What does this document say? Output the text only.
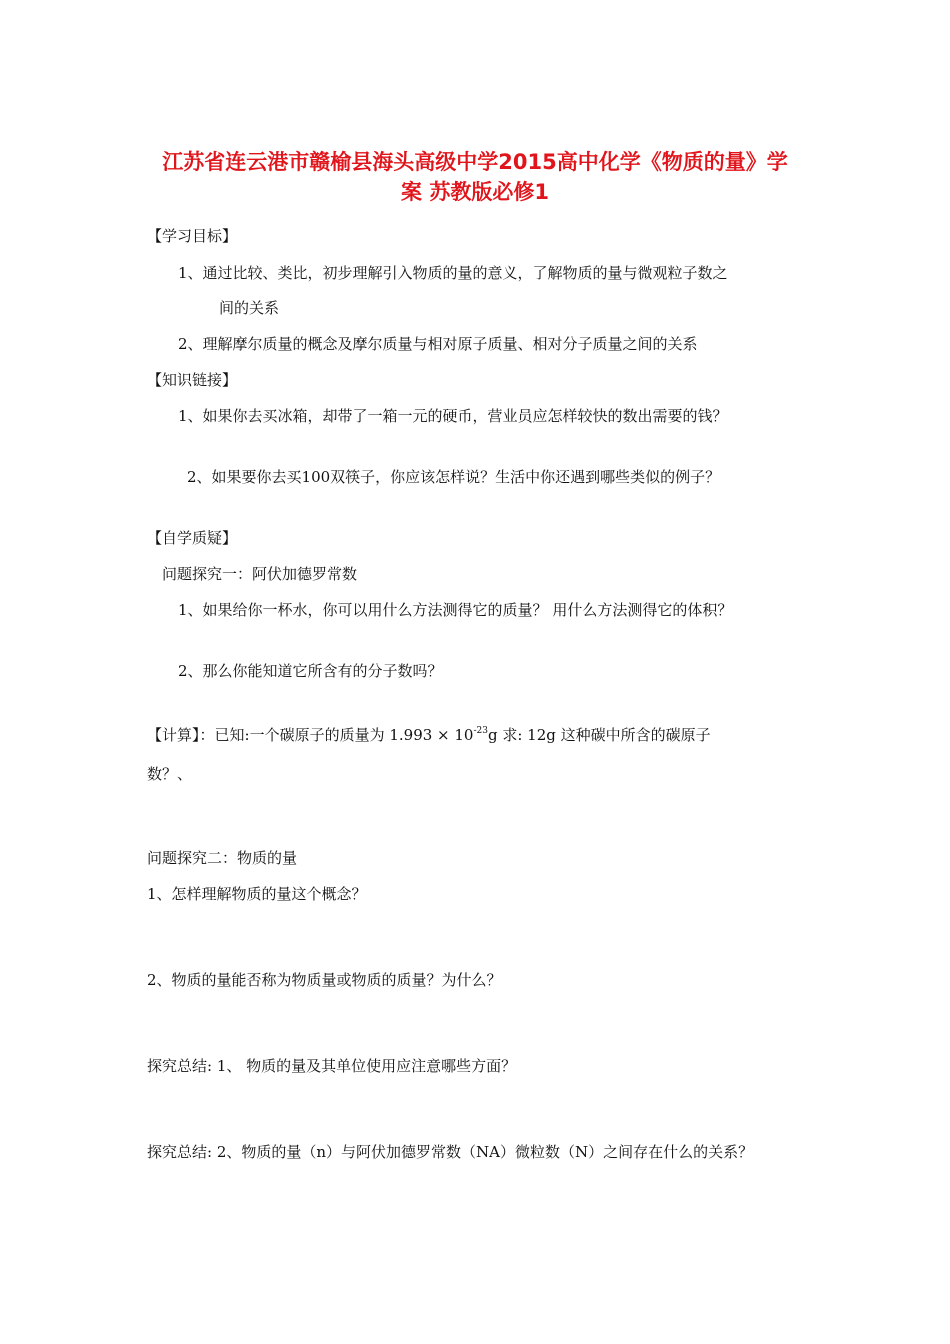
江苏省连云港市赣榆县海头高级中学2015高中化学《物质的量》学
案 苏教版必修1
【学习目标】
1、通过比较、类比，初步理解引入物质的量的意义，了解物质的量与微观粒子数之
间的关系
2、理解摩尔质量的概念及摩尔质量与相对原子质量、相对分子质量之间的关系
【知识链接】
1、如果你去买冰箱，却带了一箱一元的硬币，营业员应怎样较快的数出需要的钱？
2、如果要你去买100双筷子，你应该怎样说？生活中你还遇到哪些类似的例子？
【自学质疑】
问题探究一：阿伏加德罗常数
1、如果给你一杯水，你可以用什么方法测得它的质量？ 用什么方法测得它的体积？
2、那么你能知道它所含有的分子数吗？
【计算】：已知:一个碳原子的质量为 $1.993 \times 10^{-23}g$ 求: 12g 这种碳中所含的碳原子
数？、
问题探究二：物质的量
1、怎样理解物质的量这个概念？
2、物质的量能否称为物质量或物质的质量？为什么？
探究总结: 1、 物质的量及其单位使用应注意哪些方面？
探究总结: 2、物质的量（n）与阿伏加德罗常数（NA）微粒数（N）之间存在什么的关系？
